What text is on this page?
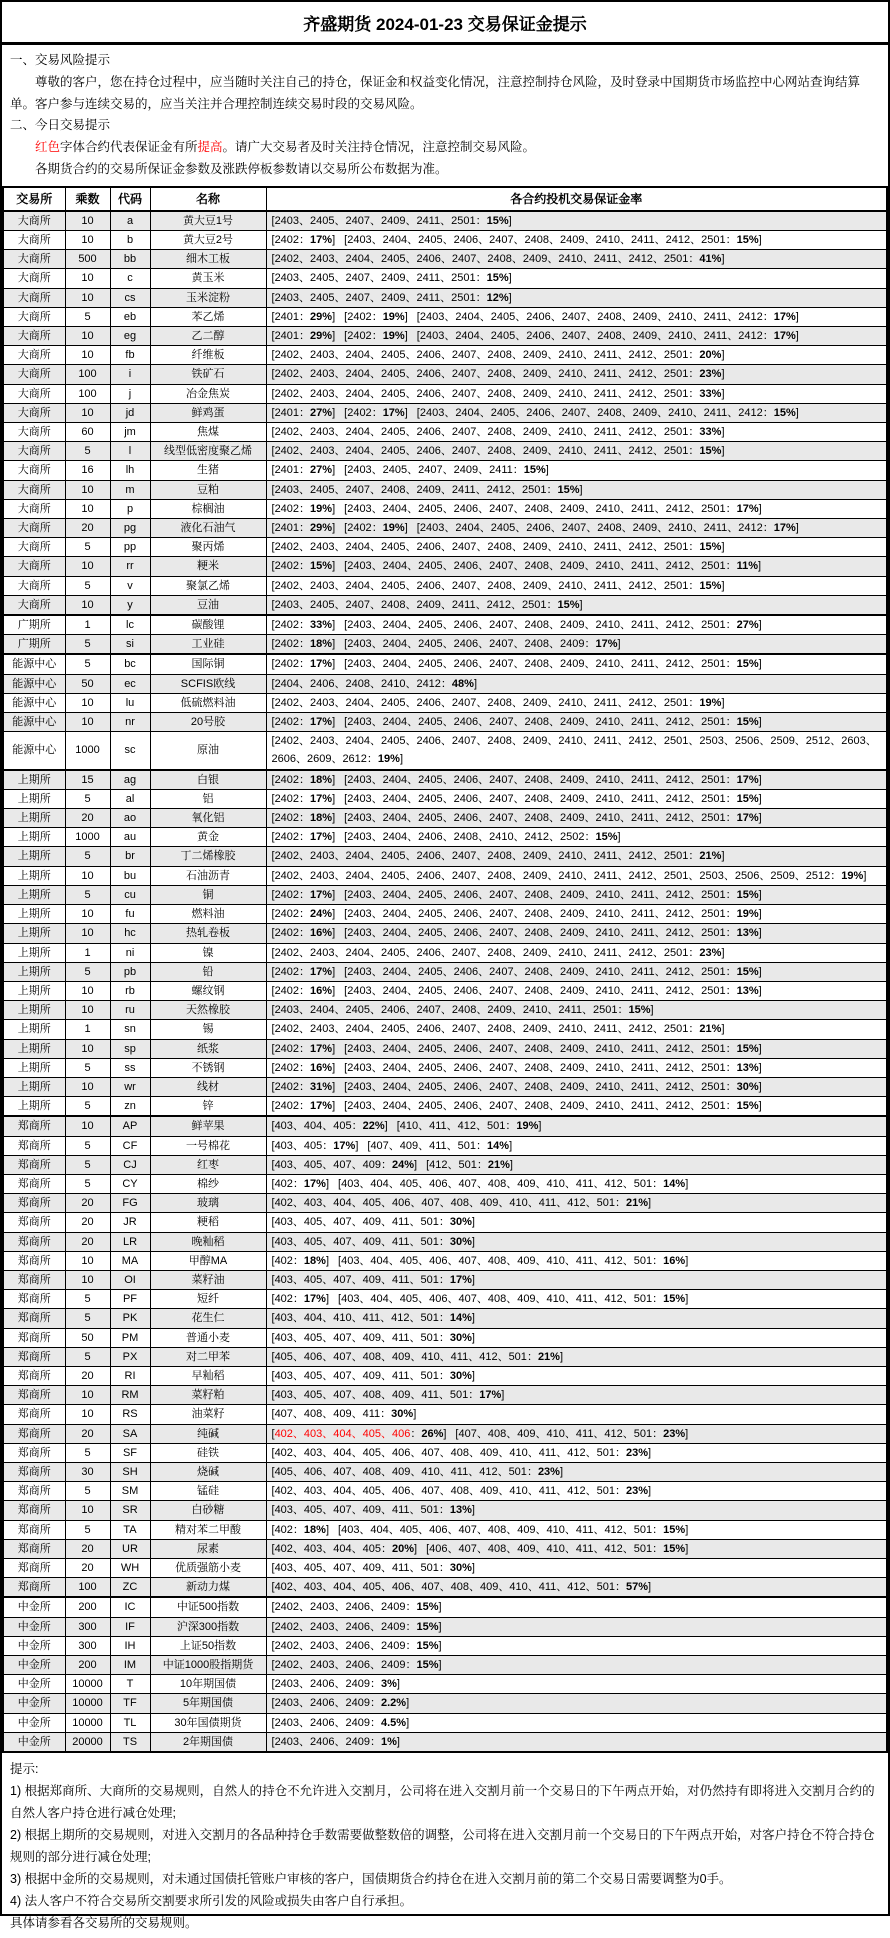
齐盛期货 2024-01-23 交易保证金提示
一、交易风险提示
尊敬的客户，您在持仓过程中，应当随时关注自己的持仓，保证金和权益变化情况，注意控制持仓风险，及时登录中国期货市场监控中心网站查询结算单。客户参与连续交易的，应当关注并合理控制连续交易时段的交易风险。
二、今日交易提示
红色字体合约代表保证金有所提高。请广大交易者及时关注持仓情况，注意控制交易风险。
各期货合约的交易所保证金参数及涨跌停板参数请以交易所公布数据为准。
交易所	乘数	代码	名称	各合约投机交易保证金率
大商所	10	a	黄大豆1号	[2403、2405、2407、2409、2411、2501：15%]
大商所	10	b	黄大豆2号	[2402：17%] [2403、2404、2405、2406、2407、2408、2409、2410、2411、2412、2501：15%]
大商所	500	bb	细木工板	[2402、2403、2404、2405、2406、2407、2408、2409、2410、2411、2412、2501：41%]
大商所	10	c	黄玉米	[2403、2405、2407、2409、2411、2501：15%]
大商所	10	cs	玉米淀粉	[2403、2405、2407、2409、2411、2501：12%]
大商所	5	eb	苯乙烯	[2401：29%] [2402：19%] [2403、2404、2405、2406、2407、2408、2409、2410、2411、2412：17%]
大商所	10	eg	乙二醇	[2401：29%] [2402：19%] [2403、2404、2405、2406、2407、2408、2409、2410、2411、2412：17%]
大商所	10	fb	纤维板	[2402、2403、2404、2405、2406、2407、2408、2409、2410、2411、2412、2501：20%]
大商所	100	i	铁矿石	[2402、2403、2404、2405、2406、2407、2408、2409、2410、2411、2412、2501：23%]
大商所	100	j	冶金焦炭	[2402、2403、2404、2405、2406、2407、2408、2409、2410、2411、2412、2501：33%]
大商所	10	jd	鲜鸡蛋	[2401：27%] [2402：17%] [2403、2404、2405、2406、2407、2408、2409、2410、2411、2412：15%]
大商所	60	jm	焦煤	[2402、2403、2404、2405、2406、2407、2408、2409、2410、2411、2412、2501：33%]
大商所	5	l	线型低密度聚乙烯	[2402、2403、2404、2405、2406、2407、2408、2409、2410、2411、2412、2501：15%]
大商所	16	lh	生猪	[2401：27%] [2403、2405、2407、2409、2411：15%]
大商所	10	m	豆粕	[2403、2405、2407、2408、2409、2411、2412、2501：15%]
大商所	10	p	棕榈油	[2402：19%] [2403、2404、2405、2406、2407、2408、2409、2410、2411、2412、2501：17%]
大商所	20	pg	液化石油气	[2401：29%] [2402：19%] [2403、2404、2405、2406、2407、2408、2409、2410、2411、2412：17%]
大商所	5	pp	聚丙烯	[2402、2403、2404、2405、2406、2407、2408、2409、2410、2411、2412、2501：15%]
大商所	10	rr	粳米	[2402：15%] [2403、2404、2405、2406、2407、2408、2409、2410、2411、2412、2501：11%]
大商所	5	v	聚氯乙烯	[2402、2403、2404、2405、2406、2407、2408、2409、2410、2411、2412、2501：15%]
大商所	10	y	豆油	[2403、2405、2407、2408、2409、2411、2412、2501：15%]
广期所	1	lc	碳酸锂	[2402：33%] [2403、2404、2405、2406、2407、2408、2409、2410、2411、2412、2501：27%]
广期所	5	si	工业硅	[2402：18%] [2403、2404、2405、2406、2407、2408、2409：17%]
能源中心	5	bc	国际铜	[2402：17%] [2403、2404、2405、2406、2407、2408、2409、2410、2411、2412、2501：15%]
能源中心	50	ec	SCFIS欧线	[2404、2406、2408、2410、2412：48%]
能源中心	10	lu	低硫燃料油	[2402、2403、2404、2405、2406、2407、2408、2409、2410、2411、2412、2501：19%]
能源中心	10	nr	20号胶	[2402：17%] [2403、2404、2405、2406、2407、2408、2409、2410、2411、2412、2501：15%]
能源中心	1000	sc	原油	[2402、2403、2404、2405、2406、2407、2408、2409、2410、2411、2412、2501、2503、2506、2509、2512、2603、2606、2609、2612：19%]
上期所	15	ag	白银	[2402：18%] [2403、2404、2405、2406、2407、2408、2409、2410、2411、2412、2501：17%]
上期所	5	al	铝	[2402：17%] [2403、2404、2405、2406、2407、2408、2409、2410、2411、2412、2501：15%]
上期所	20	ao	氧化铝	[2402：18%] [2403、2404、2405、2406、2407、2408、2409、2410、2411、2412、2501：17%]
上期所	1000	au	黄金	[2402：17%] [2403、2404、2406、2408、2410、2412、2502：15%]
上期所	5	br	丁二烯橡胶	[2402、2403、2404、2405、2406、2407、2408、2409、2410、2411、2412、2501：21%]
上期所	10	bu	石油沥青	[2402、2403、2404、2405、2406、2407、2408、2409、2410、2411、2412、2501、2503、2506、2509、2512：19%]
上期所	5	cu	铜	[2402：17%] [2403、2404、2405、2406、2407、2408、2409、2410、2411、2412、2501：15%]
上期所	10	fu	燃料油	[2402：24%] [2403、2404、2405、2406、2407、2408、2409、2410、2411、2412、2501：19%]
上期所	10	hc	热轧卷板	[2402：16%] [2403、2404、2405、2406、2407、2408、2409、2410、2411、2412、2501：13%]
上期所	1	ni	镍	[2402、2403、2404、2405、2406、2407、2408、2409、2410、2411、2412、2501：23%]
上期所	5	pb	铅	[2402：17%] [2403、2404、2405、2406、2407、2408、2409、2410、2411、2412、2501：15%]
上期所	10	rb	螺纹钢	[2402：16%] [2403、2404、2405、2406、2407、2408、2409、2410、2411、2412、2501：13%]
上期所	10	ru	天然橡胶	[2403、2404、2405、2406、2407、2408、2409、2410、2411、2501：15%]
上期所	1	sn	锡	[2402、2403、2404、2405、2406、2407、2408、2409、2410、2411、2412、2501：21%]
上期所	10	sp	纸浆	[2402：17%] [2403、2404、2405、2406、2407、2408、2409、2410、2411、2412、2501：15%]
上期所	5	ss	不锈钢	[2402：16%] [2403、2404、2405、2406、2407、2408、2409、2410、2411、2412、2501：13%]
上期所	10	wr	线材	[2402：31%] [2403、2404、2405、2406、2407、2408、2409、2410、2411、2412、2501：30%]
上期所	5	zn	锌	[2402：17%] [2403、2404、2405、2406、2407、2408、2409、2410、2411、2412、2501：15%]
郑商所	10	AP	鲜苹果	[403、404、405：22%] [410、411、412、501：19%]
郑商所	5	CF	一号棉花	[403、405：17%] [407、409、411、501：14%]
郑商所	5	CJ	红枣	[403、405、407、409：24%] [412、501：21%]
郑商所	5	CY	棉纱	[402：17%] [403、404、405、406、407、408、409、410、411、412、501：14%]
郑商所	20	FG	玻璃	[402、403、404、405、406、407、408、409、410、411、412、501：21%]
郑商所	20	JR	粳稻	[403、405、407、409、411、501：30%]
郑商所	20	LR	晚籼稻	[403、405、407、409、411、501：30%]
郑商所	10	MA	甲醇MA	[402：18%] [403、404、405、406、407、408、409、410、411、412、501：16%]
郑商所	10	OI	菜籽油	[403、405、407、409、411、501：17%]
郑商所	5	PF	短纤	[402：17%] [403、404、405、406、407、408、409、410、411、412、501：15%]
郑商所	5	PK	花生仁	[403、404、410、411、412、501：14%]
郑商所	50	PM	普通小麦	[403、405、407、409、411、501：30%]
郑商所	5	PX	对二甲苯	[405、406、407、408、409、410、411、412、501：21%]
郑商所	20	RI	早籼稻	[403、405、407、409、411、501：30%]
郑商所	10	RM	菜籽粕	[403、405、407、408、409、411、501：17%]
郑商所	10	RS	油菜籽	[407、408、409、411：30%]
郑商所	20	SA	纯碱	[402、403、404、405、406：26%] [407、408、409、410、411、412、501：23%]
郑商所	5	SF	硅铁	[402、403、404、405、406、407、408、409、410、411、412、501：23%]
郑商所	30	SH	烧碱	[405、406、407、408、409、410、411、412、501：23%]
郑商所	5	SM	锰硅	[402、403、404、405、406、407、408、409、410、411、412、501：23%]
郑商所	10	SR	白砂糖	[403、405、407、409、411、501：13%]
郑商所	5	TA	精对苯二甲酸	[402：18%] [403、404、405、406、407、408、409、410、411、412、501：15%]
郑商所	20	UR	尿素	[402、403、404、405：20%] [406、407、408、409、410、411、412、501：15%]
郑商所	20	WH	优质强筋小麦	[403、405、407、409、411、501：30%]
郑商所	100	ZC	新动力煤	[402、403、404、405、406、407、408、409、410、411、412、501：57%]
中金所	200	IC	中证500指数	[2402、2403、2406、2409：15%]
中金所	300	IF	沪深300指数	[2402、2403、2406、2409：15%]
中金所	300	IH	上证50指数	[2402、2403、2406、2409：15%]
中金所	200	IM	中证1000股指期货	[2402、2403、2406、2409：15%]
中金所	10000	T	10年期国债	[2403、2406、2409：3%]
中金所	10000	TF	5年期国债	[2403、2406、2409：2.2%]
中金所	10000	TL	30年国债期货	[2403、2406、2409：4.5%]
中金所	20000	TS	2年期国债	[2403、2406、2409：1%]
提示:
1) 根据郑商所、大商所的交易规则，自然人的持仓不允许进入交割月，公司将在进入交割月前一个交易日的下午两点开始，对仍然持有即将进入交割月合约的自然人客户持仓进行减仓处理;
2) 根据上期所的交易规则，对进入交割月的各品种持仓手数需要做整数倍的调整，公司将在进入交割月前一个交易日的下午两点开始，对客户持仓不符合持仓规则的部分进行减仓处理;
3) 根据中金所的交易规则，对未通过国债托管账户审核的客户，国债期货合约持仓在进入交割月前的第二个交易日需要调整为0手。
4) 法人客户不符合交易所交割要求所引发的风险或损失由客户自行承担。
具体请参看各交易所的交易规则。
